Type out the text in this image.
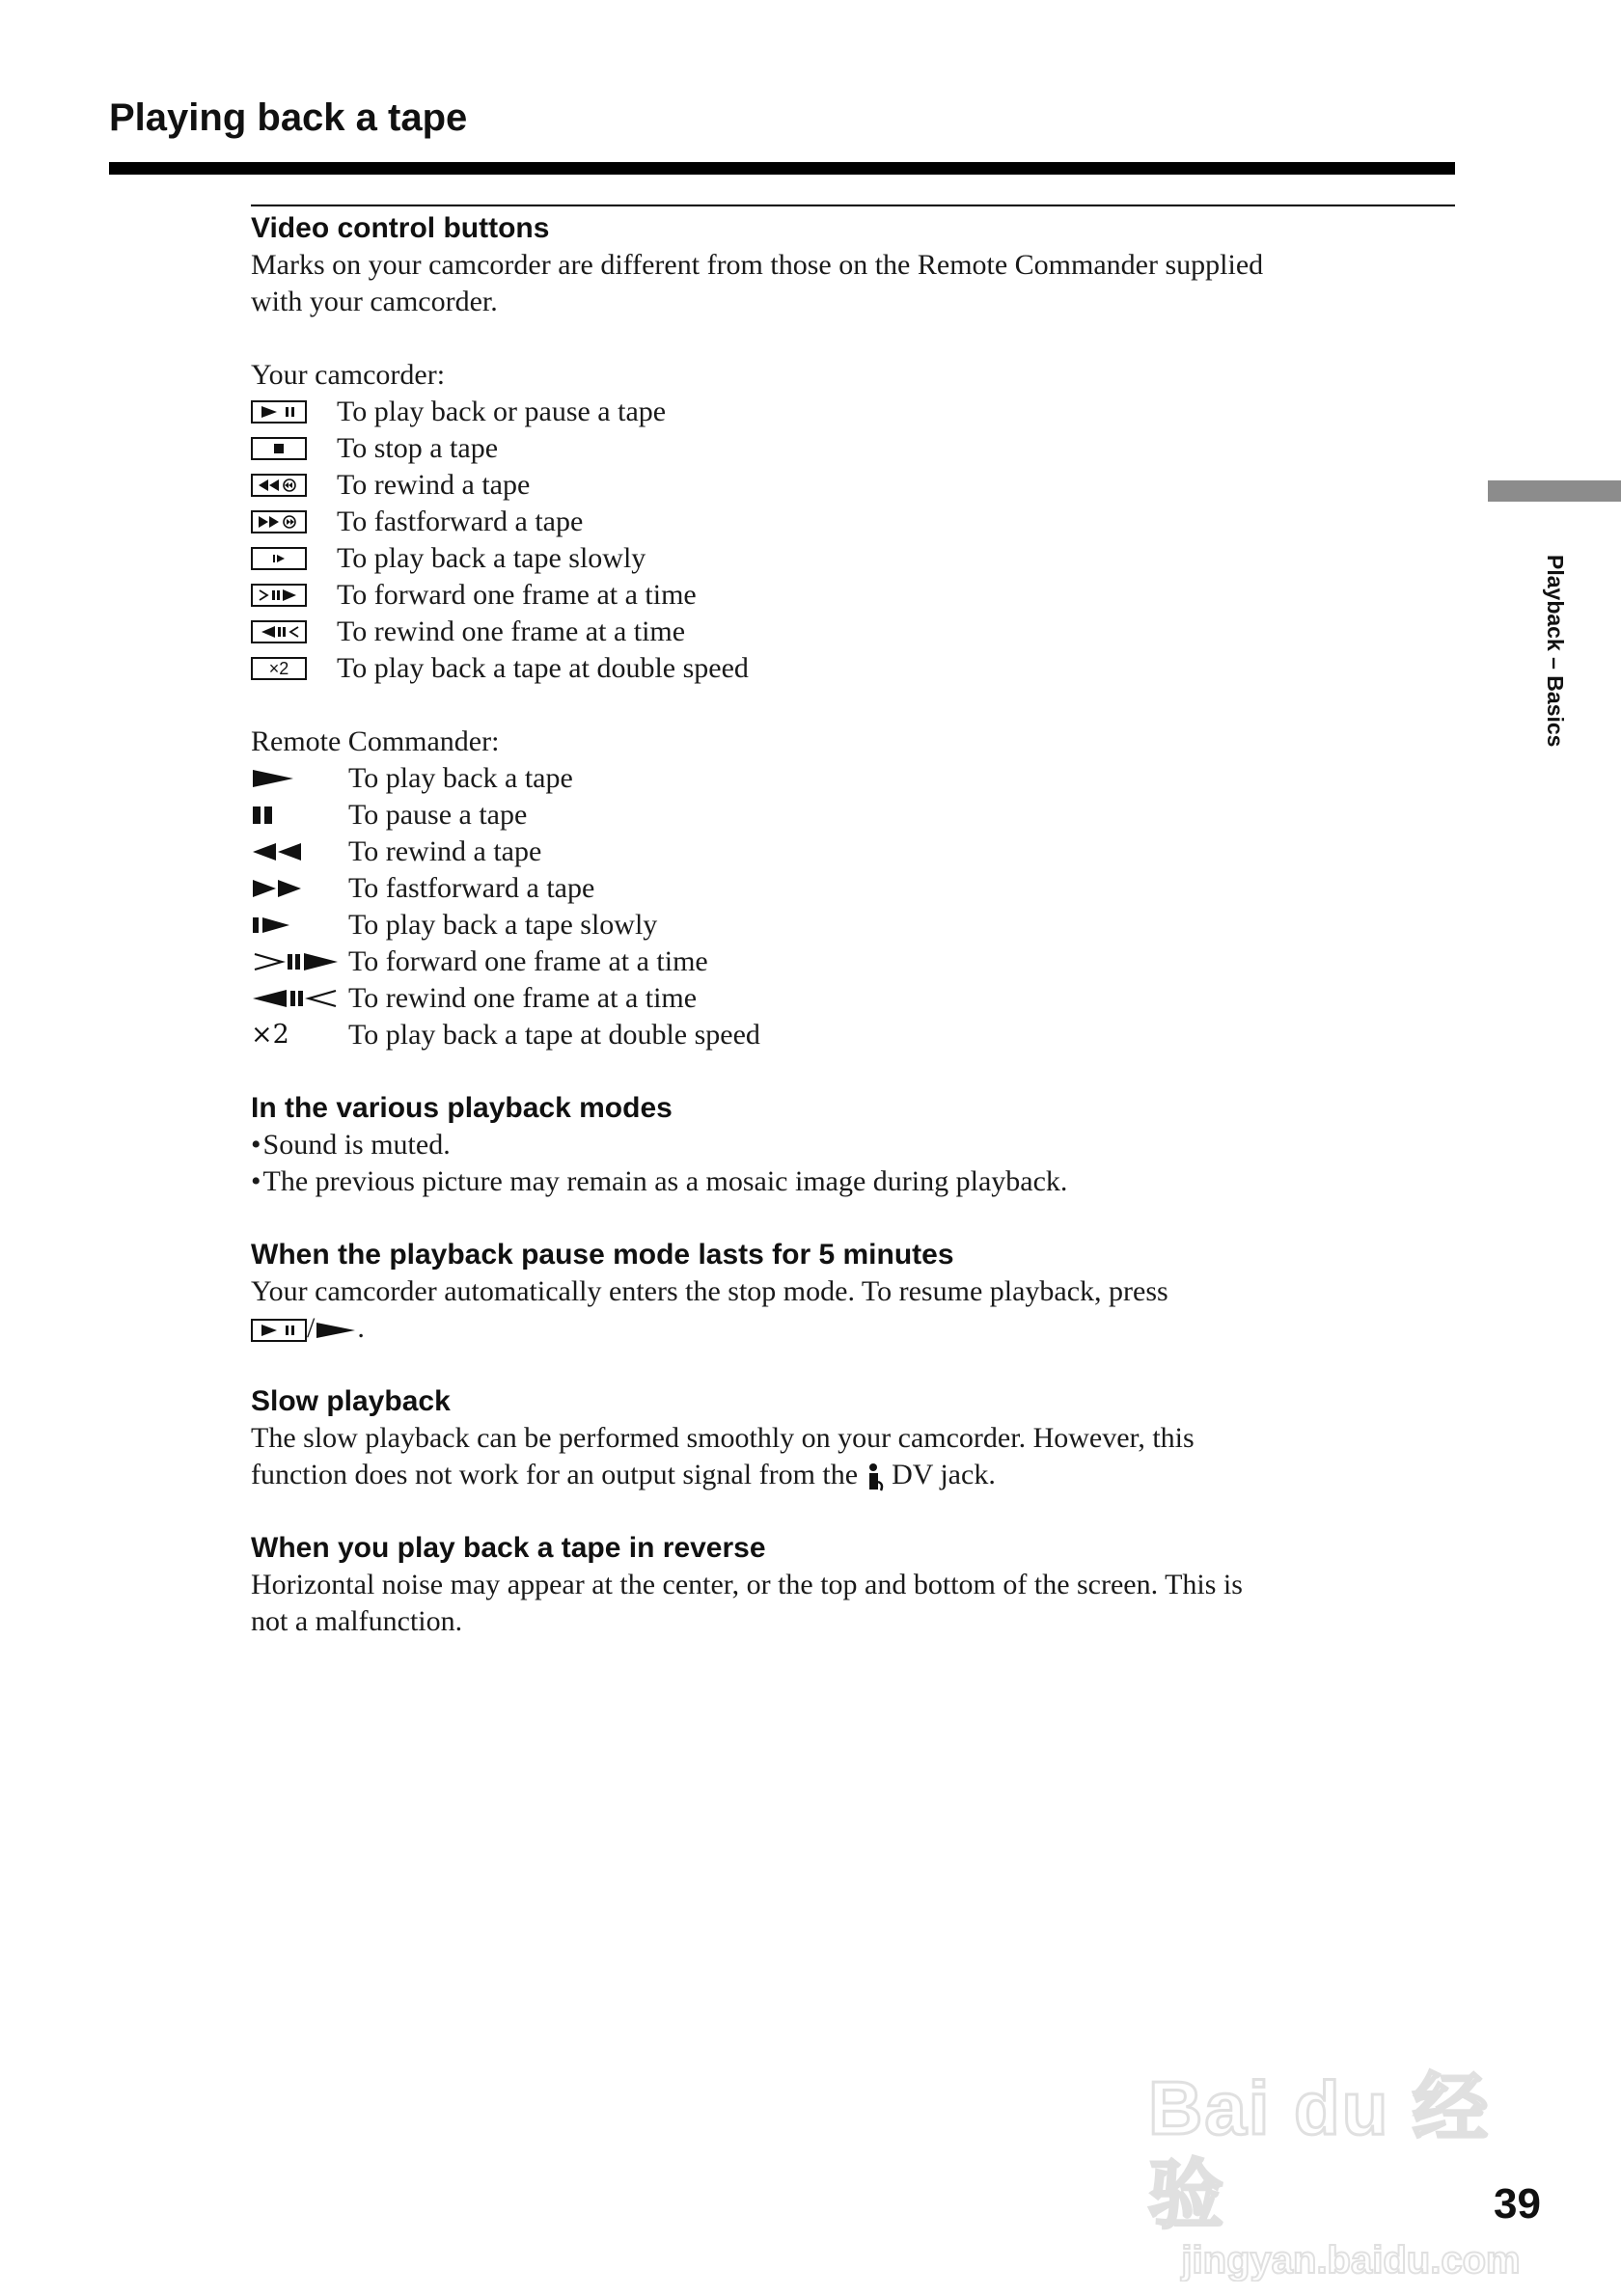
Playing back a tape
Playback – Basics
Video control buttons

Marks on your camcorder are different from those on the Remote Commander supplied

with your camcorder.

Your camcorder:

To play back or pause a tape
To stop a tape
To rewind a tape
To fastforward a tape
To play back a tape slowly
To forward one frame at a time
To rewind one frame at a time
×2 To play back a tape at double speed

Remote Commander:

To play back a tape
To pause a tape
To rewind a tape
To fastforward a tape
To play back a tape slowly
To forward one frame at a time
To rewind one frame at a time
×2 To play back a tape at double speed
In the various playback modes
•Sound is muted.
•The previous picture may remain as a mosaic image during playback.
When the playback pause mode lasts for 5 minutes

Your camcorder automatically enters the stop mode. To resume playback, press

/ .

Slow playback

The slow playback can be performed smoothly on your camcorder. However, this

function does not work for an output signal from the DV jack.

When you play back a tape in reverse

Horizontal noise may appear at the center, or the top and bottom of the screen. This is

not a malfunction.

Bai du 经验
jingyan.baidu.com

39
